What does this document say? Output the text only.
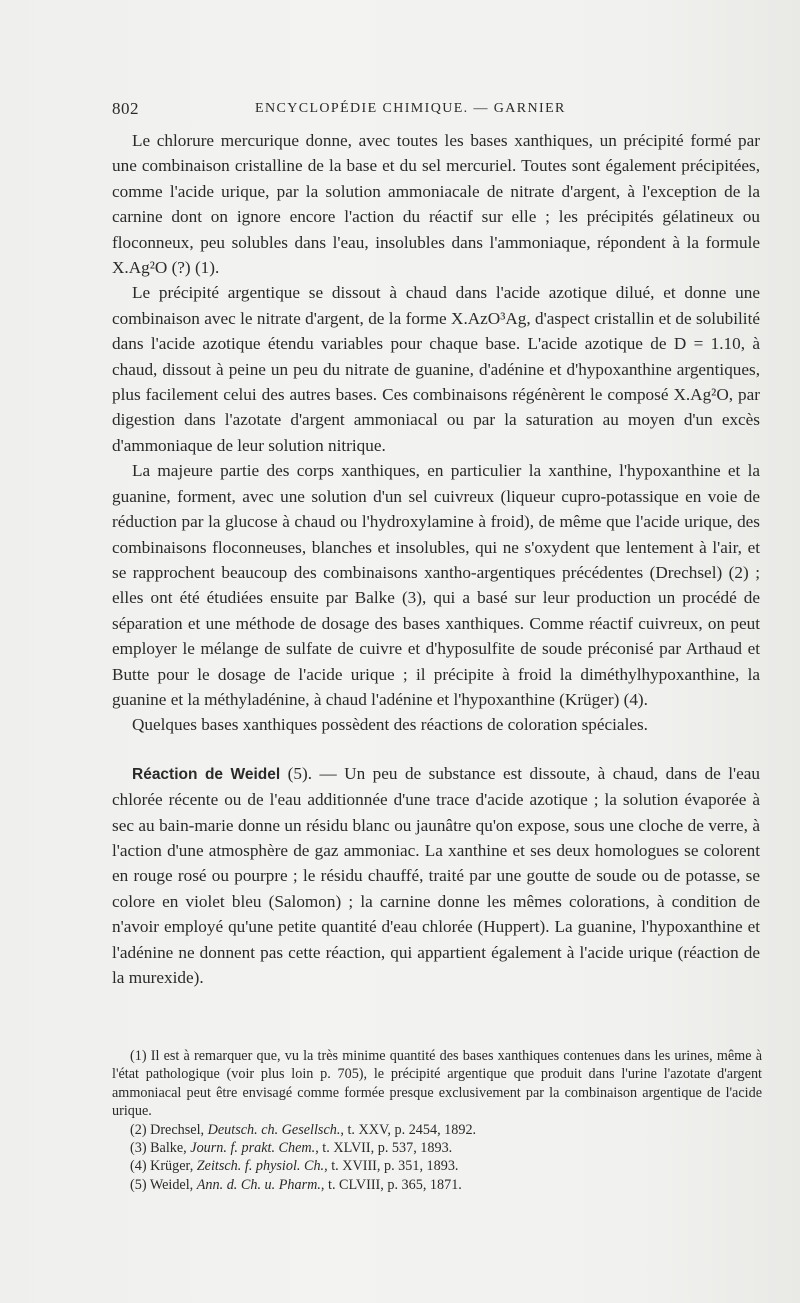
802	ENCYCLOPÉDIE CHIMIQUE. — GARNIER

Le chlorure mercurique donne, avec toutes les bases xanthiques, un précipité formé par une combinaison cristalline de la base et du sel mercuriel. Toutes sont également précipitées, comme l'acide urique, par la solution ammoniacale de nitrate d'argent, à l'exception de la carnine dont on ignore encore l'action du réactif sur elle ; les précipités gélatineux ou floconneux, peu solubles dans l'eau, insolubles dans l'ammoniaque, répondent à la formule X.Ag²O (?) (1).

Le précipité argentique se dissout à chaud dans l'acide azotique dilué, et donne une combinaison avec le nitrate d'argent, de la forme X.AzO³Ag, d'aspect cristallin et de solubilité dans l'acide azotique étendu variables pour chaque base. L'acide azotique de D = 1.10, à chaud, dissout à peine un peu du nitrate de guanine, d'adénine et d'hypoxanthine argentiques, plus facilement celui des autres bases. Ces combinaisons régénèrent le composé X.Ag²O, par digestion dans l'azotate d'argent ammoniacal ou par la saturation au moyen d'un excès d'ammoniaque de leur solution nitrique.

La majeure partie des corps xanthiques, en particulier la xanthine, l'hypoxanthine et la guanine, forment, avec une solution d'un sel cuivreux (liqueur cupro-potassique en voie de réduction par la glucose à chaud ou l'hydroxylamine à froid), de même que l'acide urique, des combinaisons floconneuses, blanches et insolubles, qui ne s'oxydent que lentement à l'air, et se rapprochent beaucoup des combinaisons xantho-argentiques précédentes (Drechsel) (2) ; elles ont été étudiées ensuite par Balke (3), qui a basé sur leur production un procédé de séparation et une méthode de dosage des bases xanthiques. Comme réactif cuivreux, on peut employer le mélange de sulfate de cuivre et d'hyposulfite de soude préconisé par Arthaud et Butte pour le dosage de l'acide urique ; il précipite à froid la diméthylhypoxanthine, la guanine et la méthyladénine, à chaud l'adénine et l'hypoxanthine (Krüger) (4).

Quelques bases xanthiques possèdent des réactions de coloration spéciales.

Réaction de Weidel (5). — Un peu de substance est dissoute, à chaud, dans de l'eau chlorée récente ou de l'eau additionnée d'une trace d'acide azotique ; la solution évaporée à sec au bain-marie donne un résidu blanc ou jaunâtre qu'on expose, sous une cloche de verre, à l'action d'une atmosphère de gaz ammoniac. La xanthine et ses deux homologues se colorent en rouge rosé ou pourpre ; le résidu chauffé, traité par une goutte de soude ou de potasse, se colore en violet bleu (Salomon) ; la carnine donne les mêmes colorations, à condition de n'avoir employé qu'une petite quantité d'eau chlorée (Huppert). La guanine, l'hypoxanthine et l'adénine ne donnent pas cette réaction, qui appartient également à l'acide urique (réaction de la murexide).

(1) Il est à remarquer que, vu la très minime quantité des bases xanthiques contenues dans les urines, même à l'état pathologique (voir plus loin p. 705), le précipité argentique que produit dans l'urine l'azotate d'argent ammoniacal peut être envisagé comme formée presque exclusivement par la combinaison argentique de l'acide urique.

(2) Drechsel, Deutsch. ch. Gesellsch., t. XXV, p. 2454, 1892.

(3) Balke, Journ. f. prakt. Chem., t. XLVII, p. 537, 1893.

(4) Krüger, Zeitsch. f. physiol. Ch., t. XVIII, p. 351, 1893.

(5) Weidel, Ann. d. Ch. u. Pharm., t. CLVIII, p. 365, 1871.
